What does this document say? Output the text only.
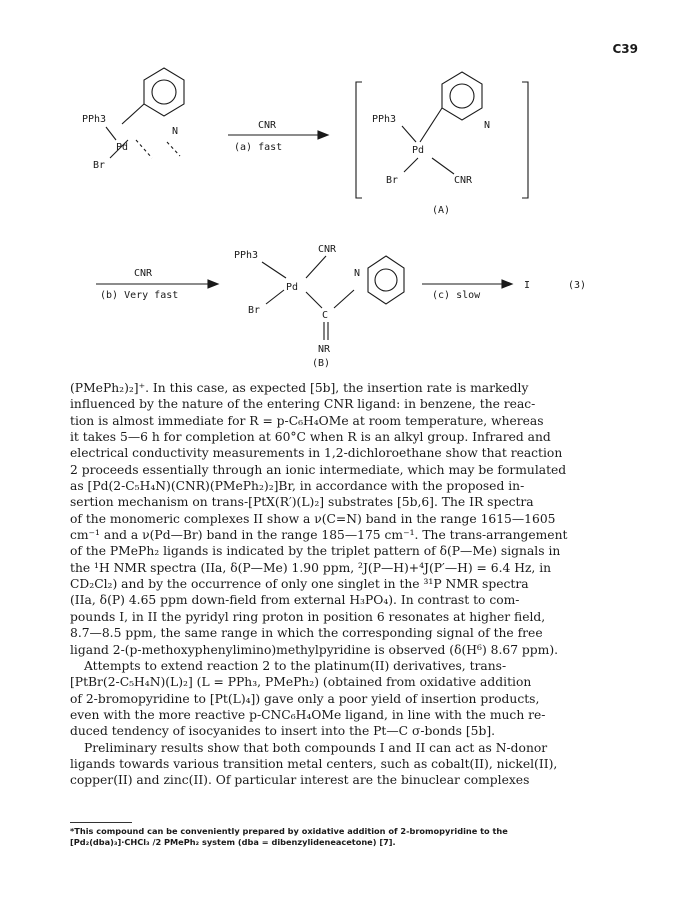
C39
PPh3
Pd
N
Br
CNR
(a) fast
PPh3
Pd
N
Br	CNR
(A)
CNR
(b) Very fast
PPh3
CNR
Pd
N
Br	C
NR
(B)
(c) slow
I	(3)
(PMePh₂)₂]⁺. In this case, as expected [5b], the insertion rate is markedly
influenced by the nature of the entering CNR ligand: in benzene, the reac-
tion is almost immediate for R = p-C₆H₄OMe at room temperature, whereas
it takes 5—6 h for completion at 60°C when R is an alkyl group. Infrared and
electrical conductivity measurements in 1,2-dichloroethane show that reaction
2 proceeds essentially through an ionic intermediate, which may be formulated
as [Pd(2-C₅H₄N)(CNR)(PMePh₂)₂]Br, in accordance with the proposed in-
sertion mechanism on trans-[PtX(R′)(L)₂] substrates [5b,6]. The IR spectra
of the monomeric complexes II show a ν(C=N) band in the range 1615—1605
cm⁻¹ and a ν(Pd—Br) band in the range 185—175 cm⁻¹. The trans-arrangement
of the PMePh₂ ligands is indicated by the triplet pattern of δ(P—Me) signals in
the ¹H NMR spectra (IIa, δ(P—Me) 1.90 ppm, ²J(P—H)+⁴J(P′—H) = 6.4 Hz, in
CD₂Cl₂) and by the occurrence of only one singlet in the ³¹P NMR spectra
(IIa, δ(P) 4.65 ppm down-field from external H₃PO₄). In contrast to com-
pounds I, in II the pyridyl ring proton in position 6 resonates at higher field,
8.7—8.5 ppm, the same range in which the corresponding signal of the free
ligand 2-(p-methoxyphenylimino)methylpyridine is observed (δ(H⁶) 8.67 ppm).
Attempts to extend reaction 2 to the platinum(II) derivatives, trans-
[PtBr(2-C₅H₄N)(L)₂] (L = PPh₃, PMePh₂) (obtained from oxidative addition
of 2-bromopyridine to [Pt(L)₄]) gave only a poor yield of insertion products,
even with the more reactive p-CNC₆H₄OMe ligand, in line with the much re-
duced tendency of isocyanides to insert into the Pt—C σ-bonds [5b].
Preliminary results show that both compounds I and II can act as N-donor
ligands towards various transition metal centers, such as cobalt(II), nickel(II),
copper(II) and zinc(II). Of particular interest are the binuclear complexes
*This compound can be conveniently prepared by oxidative addition of 2-bromopyridine to the
[Pd₂(dba)₃]·CHCl₃ /2 PMePh₂ system (dba = dibenzylideneacetone) [7].
